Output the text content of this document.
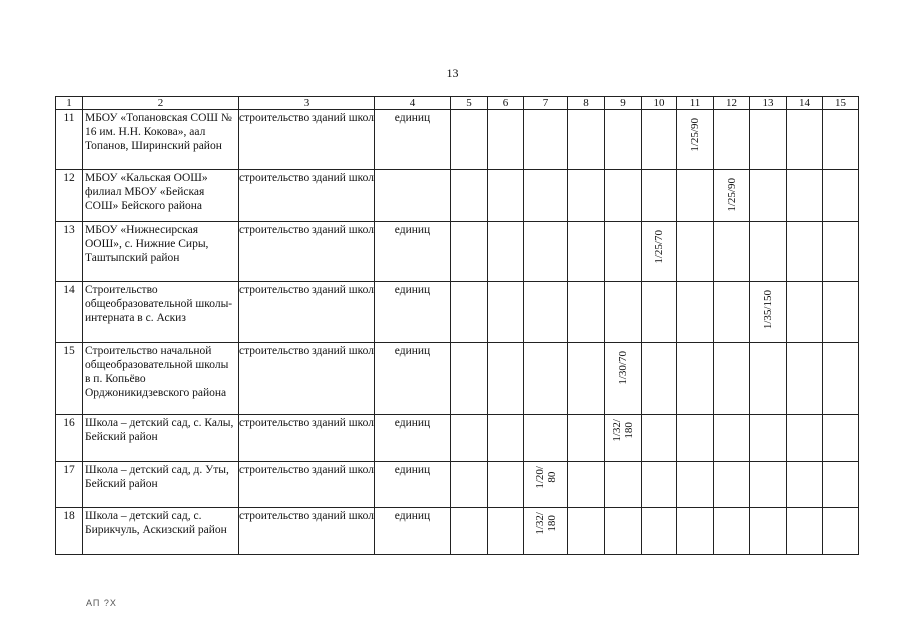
13
1	2	3	4	5	6	7	8	9	10	11	12	13	14	15
11	МБОУ «Топановская СОШ № 16 им. Н.Н. Кокова», аал Топанов, Ширинский район	строительство зданий школ	единиц							1/25/90				

12	МБОУ «Кальская ООШ» филиал МБОУ «Бейская СОШ» Бейского района	строительство зданий школ									1/25/90			

13	МБОУ «Нижнесирская ООШ», с. Нижние Сиры, Таштыпский район	строительство зданий школ	единиц						1/25/70					

14	Строительство общеобразовательной школы-интерната в с. Аскиз	строительство зданий школ	единиц									1/35/150		

15	Строительство начальной общеобразовательной школы в п. Копьёво Орджоникидзевского района	строительство зданий школ	единиц					1/30/70						

16	Школа – детский сад, с. Калы, Бейский район	строительство зданий школ	единиц					1/32/
180						

17	Школа – детский сад, д. Уты, Бейский район	строительство зданий школ	единиц			1/20/
80								

18	Школа – детский сад, с. Бирикчуль, Аскизский район	строительство зданий школ	единиц			1/32/
180								

АП ?Х
